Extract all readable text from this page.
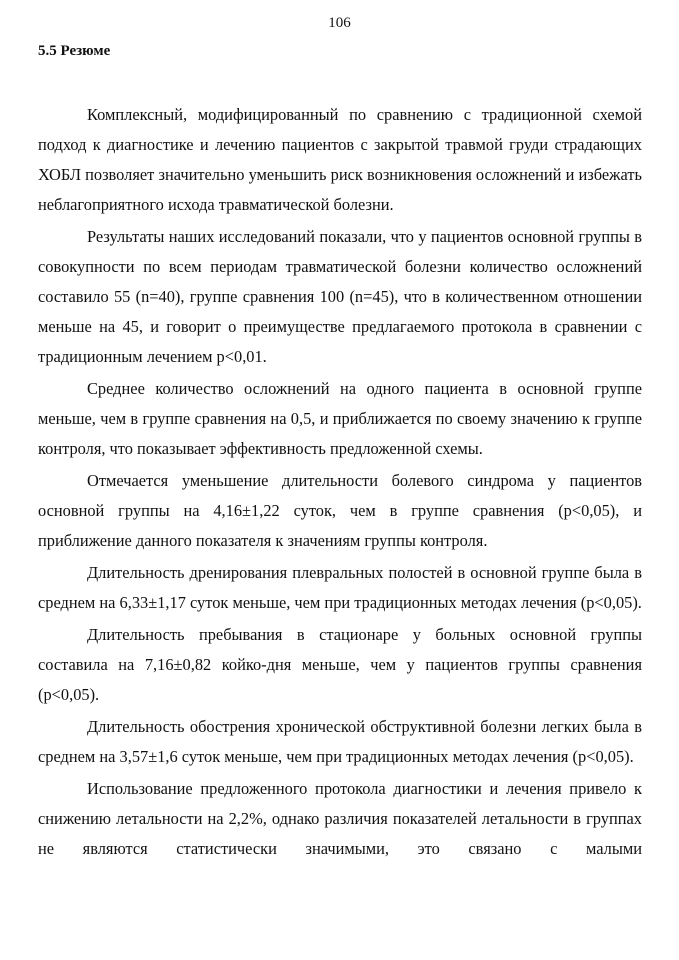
106
5.5 Резюме

Комплексный, модифицированный по сравнению с традиционной схемой подход к диагностике и лечению пациентов с закрытой травмой груди страдающих ХОБЛ позволяет значительно уменьшить риск возникновения осложнений и избежать неблагоприятного исхода травматической болезни.

Результаты наших исследований показали, что у пациентов основной группы в совокупности по всем периодам травматической болезни количество осложнений составило 55 (n=40), группе сравнения 100 (n=45), что в количественном отношении меньше на 45, и говорит о преимуществе предлагаемого протокола в сравнении с традиционным лечением p<0,01.

Среднее количество осложнений на одного пациента в основной группе меньше, чем в группе сравнения на 0,5, и приближается по своему значению к группе контроля, что показывает эффективность предложенной схемы.

Отмечается уменьшение длительности болевого синдрома у пациентов основной группы на 4,16±1,22 суток, чем в группе сравнения (p<0,05), и приближение данного показателя к значениям группы контроля.

Длительность дренирования плевральных полостей в основной группе была в среднем на 6,33±1,17 суток меньше, чем при традиционных методах лечения (p<0,05).

Длительность пребывания в стационаре у больных основной группы составила на 7,16±0,82 койко-дня меньше, чем у пациентов группы сравнения (p<0,05).

Длительность обострения хронической обструктивной болезни легких была в среднем на 3,57±1,6 суток меньше, чем при традиционных методах лечения (p<0,05).

Использование предложенного протокола диагностики и лечения привело к снижению летальности на 2,2%, однако различия показателей летальности в группах не являются статистически значимыми, это связано с малыми
